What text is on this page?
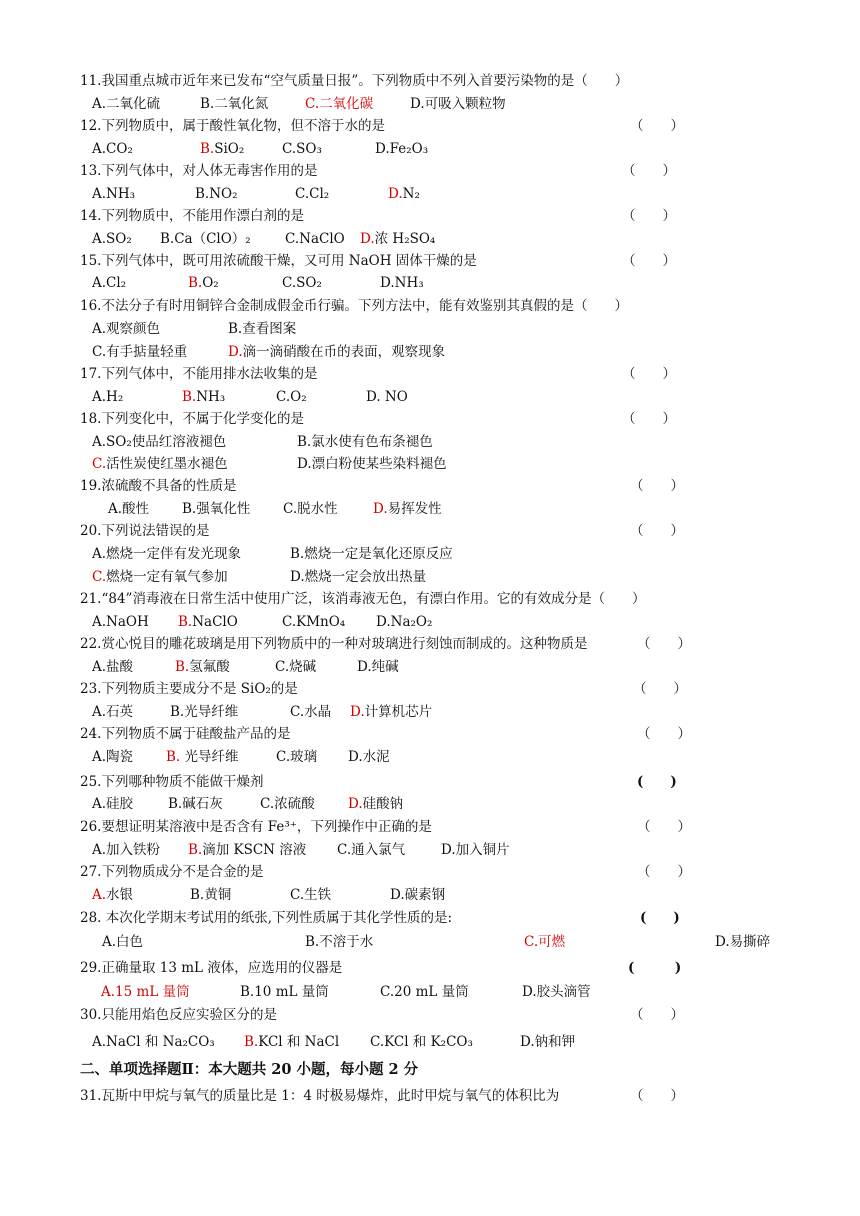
二、单项选择题Ⅱ：本大题共 20 小题，每小题 2 分
31.瓦斯中甲烷与氧气的质量比是 1：4 时极易爆炸，此时甲烷与氧气的体积比为	（　　）
11.我国重点城市近年来已发布“空气质量日报”。下列物质中不列入首要污染物的是（　　）
A.二氧化硫	B.二氧化氮	C.二氧化碳	D.可吸入颗粒物
12.下列物质中，属于酸性氧化物，但不溶于水的是	（　　）
A.CO₂	B.SiO₂	C.SO₃	D.Fe₂O₃
13.下列气体中，对人体无毒害作用的是	（　　）
A.NH₃	B.NO₂	C.Cl₂	D.N₂
14.下列物质中，不能用作漂白剂的是	（　　）
A.SO₂ B.Ca（ClO）₂	C.NaClO D.浓 H₂SO₄
15.下列气体中，既可用浓硫酸干燥，又可用 NaOH 固体干燥的是	（　　）
A.Cl₂	B.O₂	C.SO₂	D.NH₃
16.不法分子有时用铜锌合金制成假金币行骗。下列方法中，能有效鉴别其真假的是（　　）
A.观察颜色	B.查看图案
C.有手掂量轻重	D.滴一滴硝酸在币的表面，观察现象
17.下列气体中，不能用排水法收集的是	（　　）
A.H₂	B.NH₃	C.O₂	D. NO
18.下列变化中，不属于化学变化的是	（　　）
A.SO₂使品红溶液褪色	B.氯水使有色布条褪色
C.活性炭使红墨水褪色	D.漂白粉使某些染料褪色
19.浓硫酸不具备的性质是	（　　）
A.酸性 B.强氧化性 C.脱水性	D.易挥发性
20.下列说法错误的是	（　　）
A.燃烧一定伴有发光现象	B.燃烧一定是氧化还原反应
C.燃烧一定有氧气参加	D.燃烧一定会放出热量
21.“84”消毒液在日常生活中使用广泛，该消毒液无色，有漂白作用。它的有效成分是（　　）
A.NaOH B.NaClO	C.KMnO₄ D.Na₂O₂
22.赏心悦目的雕花玻璃是用下列物质中的一种对玻璃进行刻蚀而制成的。这种物质是	（　　）
A.盐酸	B.氢氟酸	C.烧碱	D.纯碱
23.下列物质主要成分不是 SiO₂的是	（　　）
A.石英	B.光导纤维	C.水晶 D.计算机芯片
24.下列物质不属于硅酸盐产品的是	（　　）
A.陶瓷 B. 光导纤维	C.玻璃 D.水泥
25.下列哪种物质不能做干燥剂	(　　)
A.硅胶	B.碱石灰	C.浓硫酸 D.硅酸钠
26.要想证明某溶液中是否含有 Fe³⁺，下列操作中正确的是	（　　）
A.加入铁粉 B.滴加 KSCN 溶液 C.通入氯气	D.加入铜片
27.下列物质成分不是合金的是	（　　）
A.水银	B.黄铜	C.生铁	D.碳素钢
28. 本次化学期末考试用的纸张,下列性质属于其化学性质的是:	(　　)
A.白色	B.不溶于水	C.可燃	D.易撕碎
29.正确量取 13 mL 液体，应选用的仪器是	(　　　)
A.15 mL 量筒	B.10 mL 量筒	C.20 mL 量筒	D.胶头滴管
30.只能用焰色反应实验区分的是	（　　）
A.NaCl 和 Na₂CO₃ B.KCl 和 NaCl C.KCl 和 K₂CO₃	D.钠和钾
